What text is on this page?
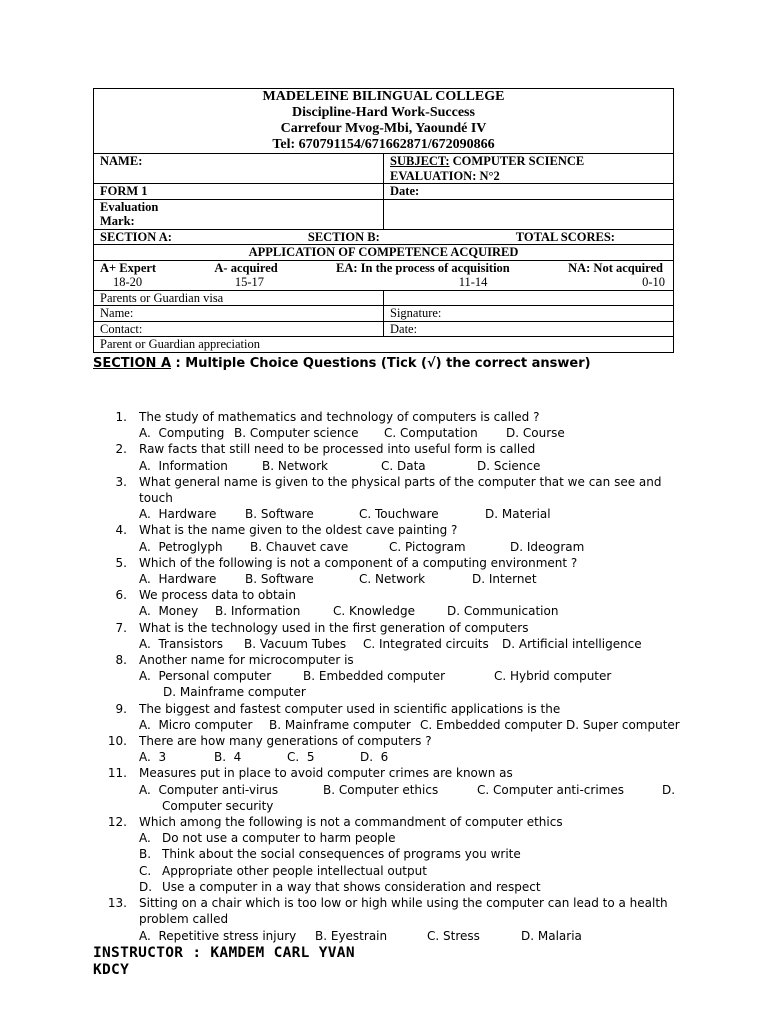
MADELEINE BILINGUAL COLLEGE
Discipline-Hard Work-Success
Carrefour Mvog-Mbi, Yaoundé IV
Tel: 670791154/671662871/672090866
NAME:	SUBJECT: COMPUTER SCIENCE
EVALUATION: N°2
FORM 1	Date:
Evaluation
Mark:
SECTION A:	SECTION B:	TOTAL SCORES:
APPLICATION OF COMPETENCE ACQUIRED
A+ Expert	A- acquired	EA: In the process of acquisition	NA: Not acquired
18-20	15-17	11-14	0-10
Parents or Guardian visa
Name:	Signature:
Contact:	Date:
Parent or Guardian appreciation
SECTION A : Multiple Choice Questions (Tick (√) the correct answer)
1. The study of mathematics and technology of computers is called ?
A.  Computing B. Computer science C. Computation D. Course
2. Raw facts that still need to be processed into useful form is called
A.  Information	B. Network	C. Data	D. Science
3. What general name is given to the physical parts of the computer that we can see and touch
A.  Hardware B. Software	C. Touchware	D. Material
4. What is the name given to the oldest cave painting ?
A.  Petroglyph B. Chauvet cave	C. Pictogram	D. Ideogram
5. Which of the following is not a component of a computing environment ?
A.  Hardware B. Software	C. Network	D. Internet
6. We process data to obtain
A.  Money B. Information	C. Knowledge	D. Communication
7. What is the technology used in the first generation of computers
A.  Transistors B. Vacuum Tubes C. Integrated circuits D. Artificial intelligence
8. Another name for microcomputer is
A.  Personal computer	B. Embedded computer	C. Hybrid computer
D. Mainframe computer
9. The biggest and fastest computer used in scientific applications is the
A.  Micro computer B. Mainframe computer C. Embedded computer D. Super computer
10. There are how many generations of computers ?
A.  3	B.  4	C.  5	D.  6
11. Measures put in place to avoid computer crimes are known as
A.  Computer anti-virus	B. Computer ethics	C. Computer anti-crimes	D.
Computer security
12. Which among the following is not a commandment of computer ethics
A. Do not use a computer to harm people
B. Think about the social consequences of programs you write
C. Appropriate other people intellectual output
D. Use a computer in a way that shows consideration and respect
13. Sitting on a chair which is too low or high while using the computer can lead to a health
problem called
A.  Repetitive stress injury B. Eyestrain	C. Stress	D. Malaria
INSTRUCTOR : KAMDEM CARL YVAN
KDCY
